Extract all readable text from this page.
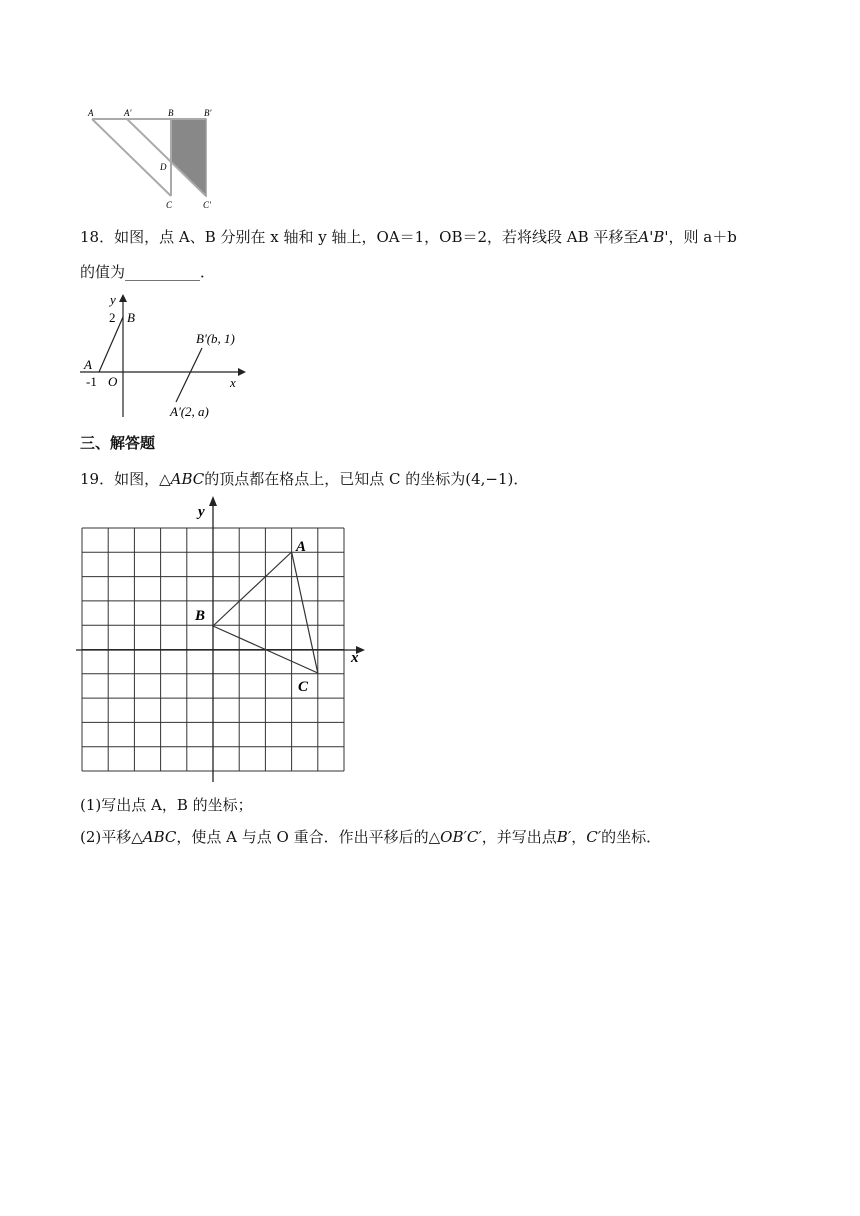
A	A'	B	B'
D
C	C'
18．如图，点 A、B 分别在 x 轴和 y 轴上，OA＝1，OB＝2，若将线段 AB 平移至A'B'，则 a＋b
的值为__________．
y
x
O
2
-1
A
B
B'(b, 1)
A'(2, a)
三、解答题
19．如图，△ABC的顶点都在格点上，已知点 C 的坐标为(4,−1)．
y
x
A
B
C
(1)写出点 A，B 的坐标；
(2)平移△ABC，使点 A 与点 O 重合．作出平移后的△OB′C′，并写出点B′，C′的坐标．
